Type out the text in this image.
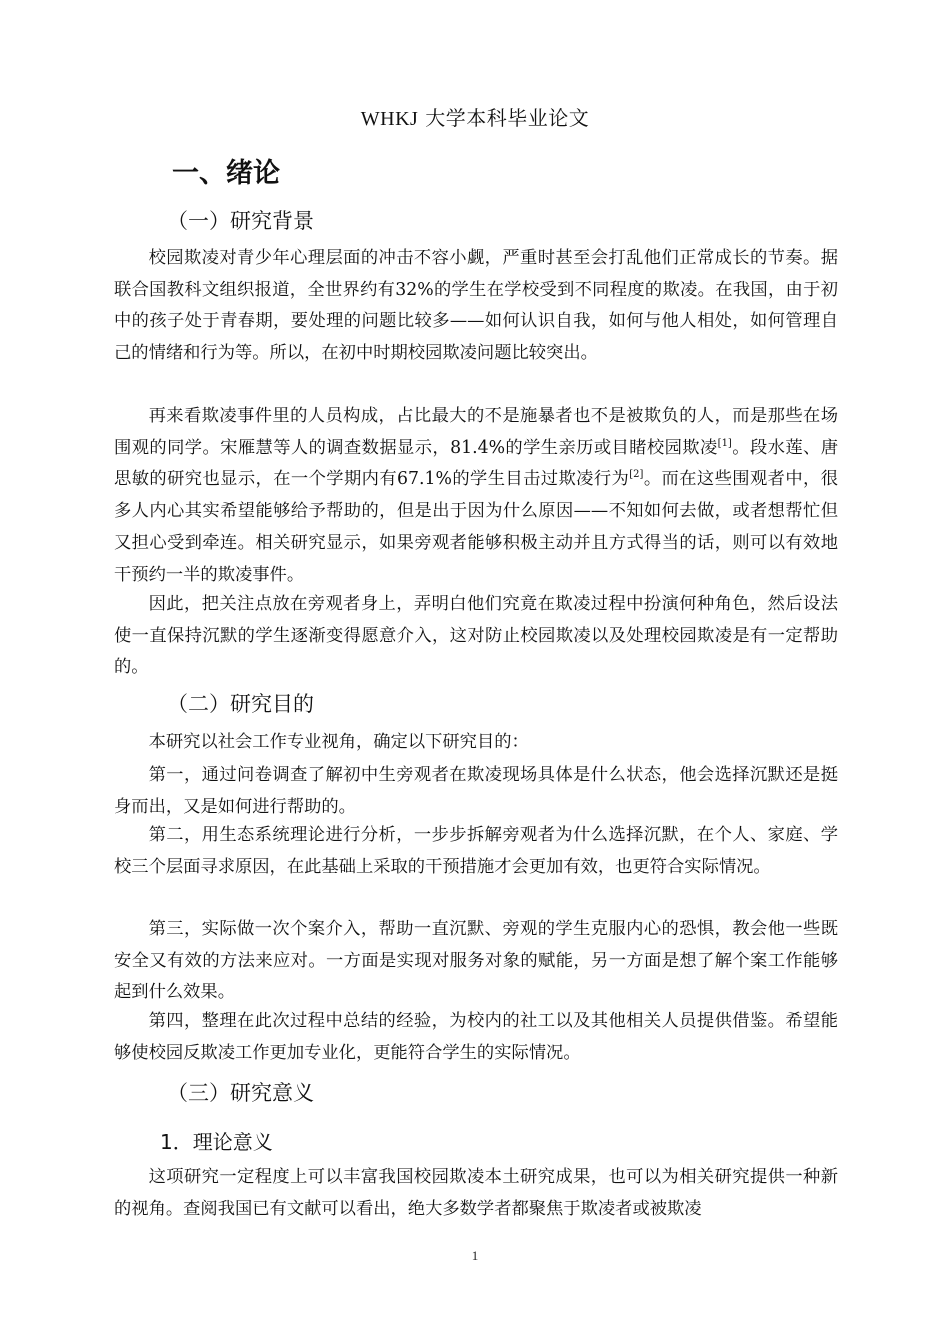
WHKJ 大学本科毕业论文
一、绪论
（一）研究背景

校园欺凌对青少年心理层面的冲击不容小觑，严重时甚至会打乱他们正常成长的节奏。据联合国教科文组织报道，全世界约有32%的学生在学校受到不同程度的欺凌。在我国，由于初中的孩子处于青春期，要处理的问题比较多——如何认识自我，如何与他人相处，如何管理自己的情绪和行为等。所以，在初中时期校园欺凌问题比较突出。

再来看欺凌事件里的人员构成，占比最大的不是施暴者也不是被欺负的人，而是那些在场围观的同学。宋雁慧等人的调查数据显示，81.4%的学生亲历或目睹校园欺凌[1]。段水莲、唐思敏的研究也显示，在一个学期内有67.1%的学生目击过欺凌行为[2]。而在这些围观者中，很多人内心其实希望能够给予帮助的，但是出于因为什么原因——不知如何去做，或者想帮忙但又担心受到牵连。相关研究显示，如果旁观者能够积极主动并且方式得当的话，则可以有效地干预约一半的欺凌事件。

因此，把关注点放在旁观者身上，弄明白他们究竟在欺凌过程中扮演何种角色，然后设法使一直保持沉默的学生逐渐变得愿意介入，这对防止校园欺凌以及处理校园欺凌是有一定帮助的。

（二）研究目的

本研究以社会工作专业视角，确定以下研究目的：

第一，通过问卷调查了解初中生旁观者在欺凌现场具体是什么状态，他会选择沉默还是挺身而出，又是如何进行帮助的。

第二，用生态系统理论进行分析，一步步拆解旁观者为什么选择沉默，在个人、家庭、学校三个层面寻求原因，在此基础上采取的干预措施才会更加有效，也更符合实际情况。

第三，实际做一次个案介入，帮助一直沉默、旁观的学生克服内心的恐惧，教会他一些既安全又有效的方法来应对。一方面是实现对服务对象的赋能，另一方面是想了解个案工作能够起到什么效果。

第四，整理在此次过程中总结的经验，为校内的社工以及其他相关人员提供借鉴。希望能够使校园反欺凌工作更加专业化，更能符合学生的实际情况。

（三）研究意义
1．理论意义

这项研究一定程度上可以丰富我国校园欺凌本土研究成果，也可以为相关研究提供一种新的视角。查阅我国已有文献可以看出，绝大多数学者都聚焦于欺凌者或被欺凌

1
